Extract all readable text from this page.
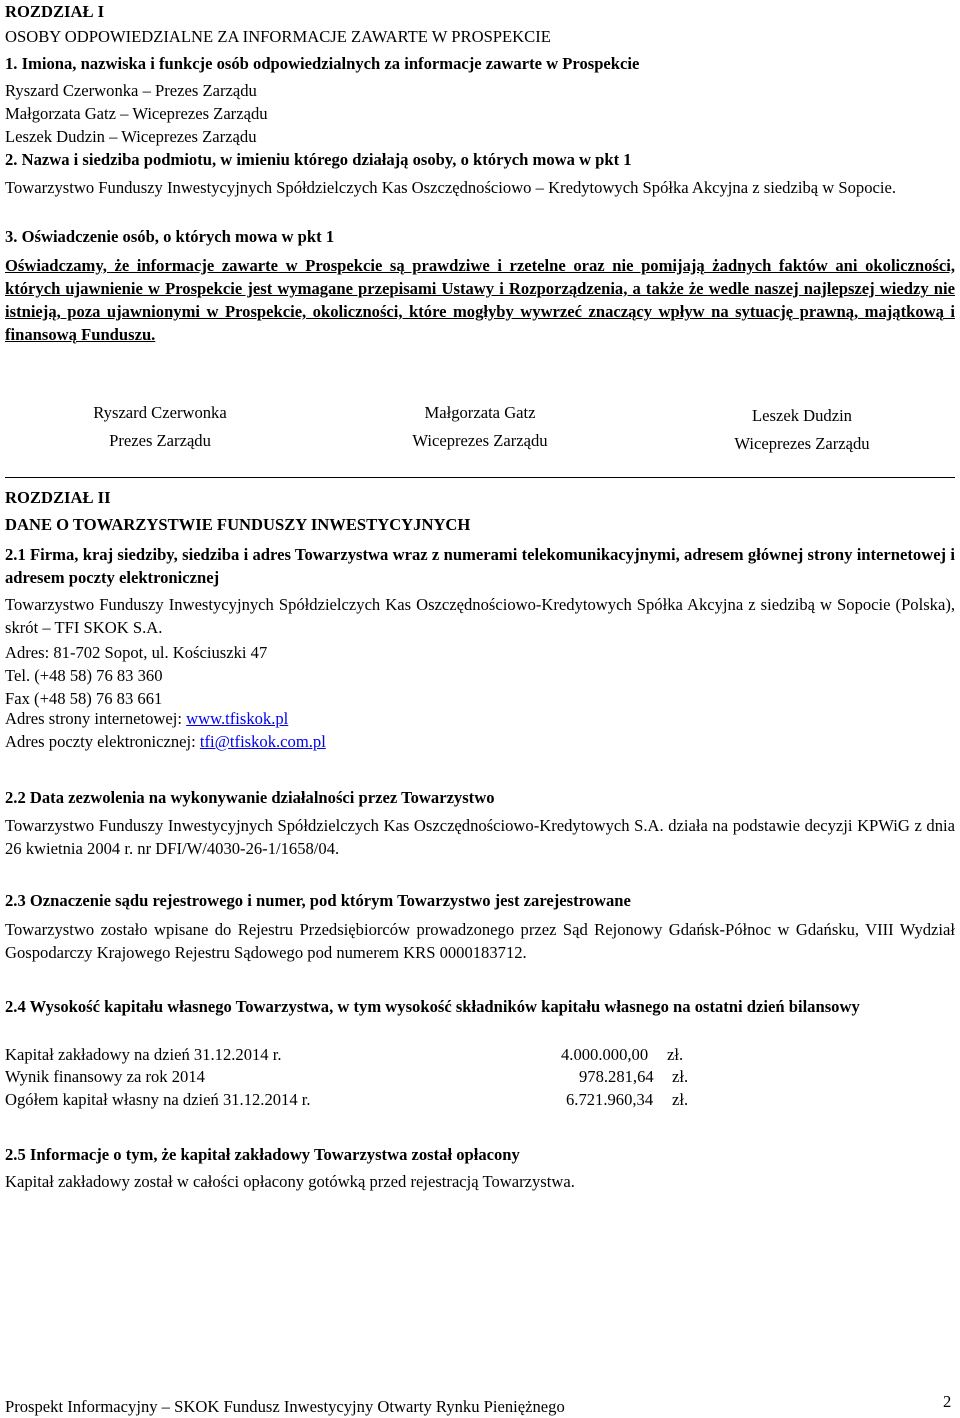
ROZDZIAŁ I
OSOBY ODPOWIEDZIALNE ZA INFORMACJE ZAWARTE W PROSPEKCIE
1. Imiona, nazwiska i funkcje osób odpowiedzialnych za informacje zawarte w Prospekcie
Ryszard Czerwonka – Prezes Zarządu
Małgorzata Gatz – Wiceprezes Zarządu
Leszek Dudzin – Wiceprezes Zarządu
2. Nazwa i siedziba podmiotu, w imieniu którego działają osoby, o których mowa w pkt 1
Towarzystwo Funduszy Inwestycyjnych Spółdzielczych Kas Oszczędnościowo – Kredytowych Spółka Akcyjna z siedzibą w Sopocie.
3. Oświadczenie osób, o których mowa w pkt 1
Oświadczamy, że informacje zawarte w Prospekcie są prawdziwe i rzetelne oraz nie pomijają żadnych faktów ani okoliczności, których ujawnienie w Prospekcie jest wymagane przepisami Ustawy i Rozporządzenia, a także że wedle naszej najlepszej wiedzy nie istnieją, poza ujawnionymi w Prospekcie, okoliczności, które mogłyby wywrzeć znaczący wpływ na sytuację prawną, majątkową i finansową Funduszu.
Ryszard Czerwonka
Prezes Zarządu
Małgorzata Gatz
Wiceprezes Zarządu
Leszek Dudzin
Wiceprezes Zarządu
ROZDZIAŁ II
DANE O TOWARZYSTWIE FUNDUSZY INWESTYCYJNYCH
2.1 Firma, kraj siedziby, siedziba i adres Towarzystwa wraz z numerami telekomunikacyjnymi, adresem głównej strony internetowej i adresem poczty elektronicznej
Towarzystwo Funduszy Inwestycyjnych Spółdzielczych Kas Oszczędnościowo-Kredytowych Spółka Akcyjna z siedzibą w Sopocie (Polska), skrót – TFI SKOK S.A.
Adres: 81-702 Sopot, ul. Kościuszki 47
Tel. (+48 58) 76 83 360
Fax (+48 58) 76 83 661
Adres strony internetowej: www.tfiskok.pl
Adres poczty elektronicznej: tfi@tfiskok.com.pl
2.2 Data zezwolenia na wykonywanie działalności przez Towarzystwo
Towarzystwo Funduszy Inwestycyjnych Spółdzielczych Kas Oszczędnościowo-Kredytowych S.A. działa na podstawie decyzji KPWiG z dnia 26 kwietnia 2004 r. nr DFI/W/4030-26-1/1658/04.
2.3 Oznaczenie sądu rejestrowego i numer, pod którym Towarzystwo jest zarejestrowane
Towarzystwo zostało wpisane do Rejestru Przedsiębiorców prowadzonego przez Sąd Rejonowy Gdańsk-Północ w Gdańsku, VIII Wydział Gospodarczy Krajowego Rejestru Sądowego pod numerem KRS 0000183712.
2.4 Wysokość kapitału własnego Towarzystwa, w tym wysokość składników kapitału własnego na ostatni dzień bilansowy
Kapitał zakładowy na dzień 31.12.2014 r.	4.000.000,00 zł.
Wynik finansowy za rok 2014	978.281,64 zł.
Ogółem kapitał własny na dzień 31.12.2014 r.	6.721.960,34 zł.
2.5 Informacje o tym, że kapitał zakładowy Towarzystwa został opłacony
Kapitał zakładowy został w całości opłacony gotówką przed rejestracją Towarzystwa.
Prospekt Informacyjny – SKOK Fundusz Inwestycyjny Otwarty Rynku Pieniężnego	2
